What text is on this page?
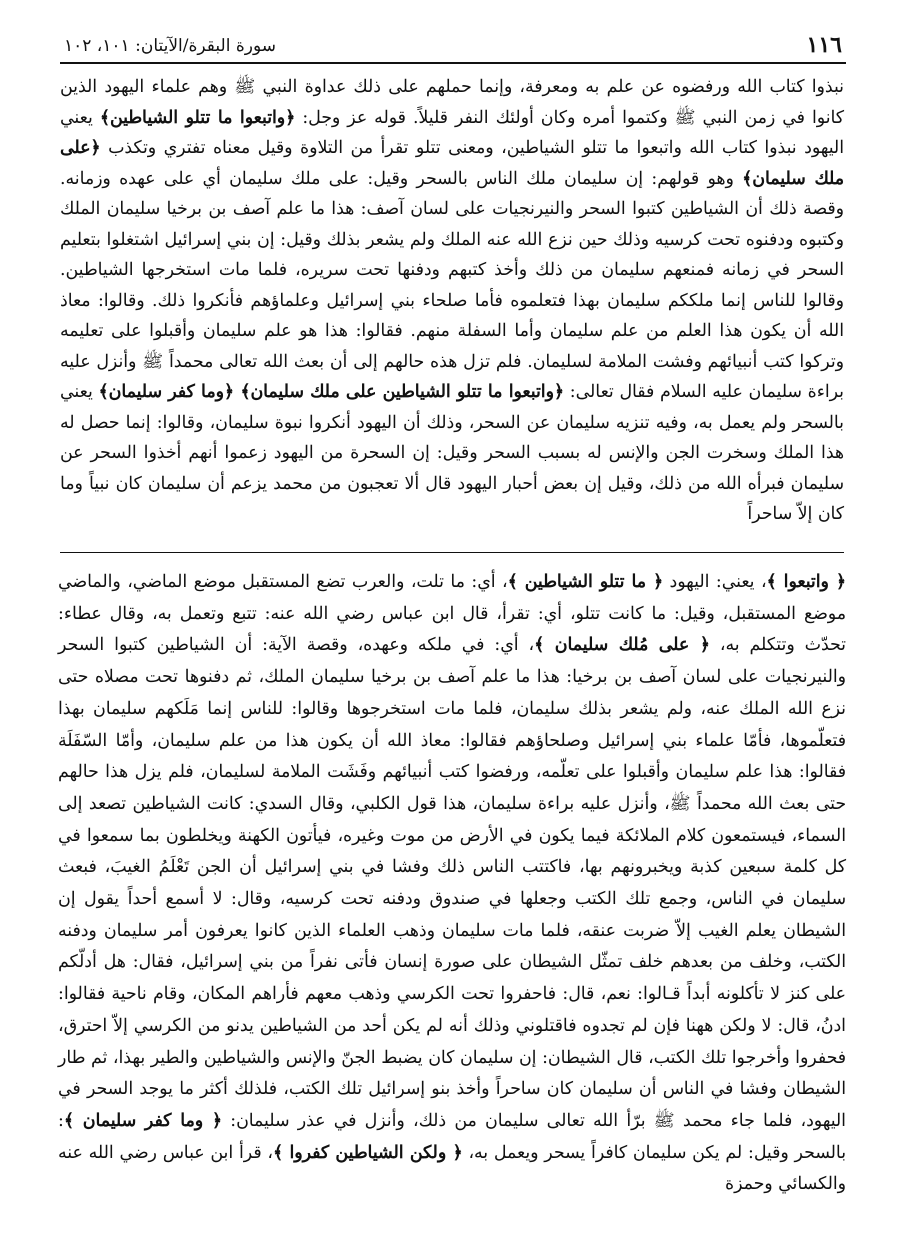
١١٦
سورة البقرة/الآيتان: ١٠١، ١٠٢

نبذوا كتاب الله ورفضوه عن علم به ومعرفة، وإنما حملهم على ذلك عداوة النبي ﷺ وهم علماء اليهود الذين كانوا في زمن النبي ﷺ وكتموا أمره وكان أولئك النفر قليلاً. قوله عز وجل: ﴿واتبعوا ما تتلو الشياطين﴾ يعني اليهود نبذوا كتاب الله واتبعوا ما تتلو الشياطين، ومعنى تتلو تقرأ من التلاوة وقيل معناه تفتري وتكذب ﴿على ملك سليمان﴾ وهو قولهم: إن سليمان ملك الناس بالسحر وقيل: على ملك سليمان أي على عهده وزمانه. وقصة ذلك أن الشياطين كتبوا السحر والنيرنجيات على لسان آصف: هذا ما علم آصف بن برخيا سليمان الملك وكتبوه ودفنوه تحت كرسيه وذلك حين نزع الله عنه الملك ولم يشعر بذلك وقيل: إن بني إسرائيل اشتغلوا بتعليم السحر في زمانه فمنعهم سليمان من ذلك وأخذ كتبهم ودفنها تحت سريره، فلما مات استخرجها الشياطين. وقالوا للناس إنما ملككم سليمان بهذا فتعلموه فأما صلحاء بني إسرائيل وعلماؤهم فأنكروا ذلك. وقالوا: معاذ الله أن يكون هذا العلم من علم سليمان وأما السفلة منهم. فقالوا: هذا هو علم سليمان وأقبلوا على تعليمه وتركوا كتب أنبيائهم وفشت الملامة لسليمان. فلم تزل هذه حالهم إلى أن بعث الله تعالى محمداً ﷺ وأنزل عليه براءة سليمان عليه السلام فقال تعالى: ﴿واتبعوا ما تتلو الشياطين على ملك سليمان﴾ ﴿وما كفر سليمان﴾ يعني بالسحر ولم يعمل به، وفيه تنزيه سليمان عن السحر، وذلك أن اليهود أنكروا نبوة سليمان، وقالوا: إنما حصل له هذا الملك وسخرت الجن والإنس له بسبب السحر وقيل: إن السحرة من اليهود زعموا أنهم أخذوا السحر عن سليمان فبرأه الله من ذلك، وقيل إن بعض أحبار اليهود قال ألا تعجبون من محمد يزعم أن سليمان كان نبياً وما كان إلاّ ساحراً

﴿ واتبعوا ﴾، يعني: اليهود ﴿ ما تتلو الشياطين ﴾، أي: ما تلت، والعرب تضع المستقبل موضع الماضي، والماضي موضع المستقبل، وقيل: ما كانت تتلو، أي: تقرأ، قال ابن عباس رضي الله عنه: تتبع وتعمل به، وقال عطاء: تحدّث وتتكلم به، ﴿ على مُلك سليمان ﴾، أي: في ملكه وعهده، وقصة الآية: أن الشياطين كتبوا السحر والنيرنجيات على لسان آصف بن برخيا: هذا ما علم آصف بن برخيا سليمان الملك، ثم دفنوها تحت مصلاه حتى نزع الله الملك عنه، ولم يشعر بذلك سليمان، فلما مات استخرجوها وقالوا: للناس إنما مَلَكهم سليمان بهذا فتعلّموها، فأمّا علماء بني إسرائيل وصلحاؤهم فقالوا: معاذ الله أن يكون هذا من علم سليمان، وأمّا السّفَلَة فقالوا: هذا علم سليمان وأقبلوا على تعلّمه، ورفضوا كتب أنبيائهم وفَشَت الملامة لسليمان، فلم يزل هذا حالهم حتى بعث الله محمداً ﷺ، وأنزل عليه براءة سليمان، هذا قول الكلبي، وقال السدي: كانت الشياطين تصعد إلى السماء، فيستمعون كلام الملائكة فيما يكون في الأرض من موت وغيره، فيأتون الكهنة ويخلطون بما سمعوا في كل كلمة سبعين كذبة ويخبرونهم بها، فاكتتب الناس ذلك وفشا في بني إسرائيل أن الجن تَعْلَمُ الغيبَ، فبعث سليمان في الناس، وجمع تلك الكتب وجعلها في صندوق ودفنه تحت كرسيه، وقال: لا أسمع أحداً يقول إن الشيطان يعلم الغيب إلاّ ضربت عنقه، فلما مات سليمان وذهب العلماء الذين كانوا يعرفون أمر سليمان ودفنه الكتب، وخلف من بعدهم خلف تمثّل الشيطان على صورة إنسان فأتى نفراً من بني إسرائيل، فقال: هل أدلّكم على كنز لا تأكلونه أبداً قـالوا: نعم، قال: فاحفروا تحت الكرسي وذهب معهم فأراهم المكان، وقام ناحية فقالوا: ادنُ، قال: لا ولكن ههنا فإن لم تجدوه فاقتلوني وذلك أنه لم يكن أحد من الشياطين يدنو من الكرسي إلاّ احترق، فحفروا وأخرجوا تلك الكتب، قال الشيطان: إن سليمان كان يضبط الجنّ والإنس والشياطين والطير بهذا، ثم طار الشيطان وفشا في الناس أن سليمان كان ساحراً وأخذ بنو إسرائيل تلك الكتب، فلذلك أكثر ما يوجد السحر في اليهود، فلما جاء محمد ﷺ برّأ الله تعالى سليمان من ذلك، وأنزل في عذر سليمان: ﴿ وما كفر سليمان ﴾: بالسحر وقيل: لم يكن سليمان كافراً يسحر ويعمل به، ﴿ ولكن الشياطين كفروا ﴾، قرأ ابن عباس رضي الله عنه والكسائي وحمزة
